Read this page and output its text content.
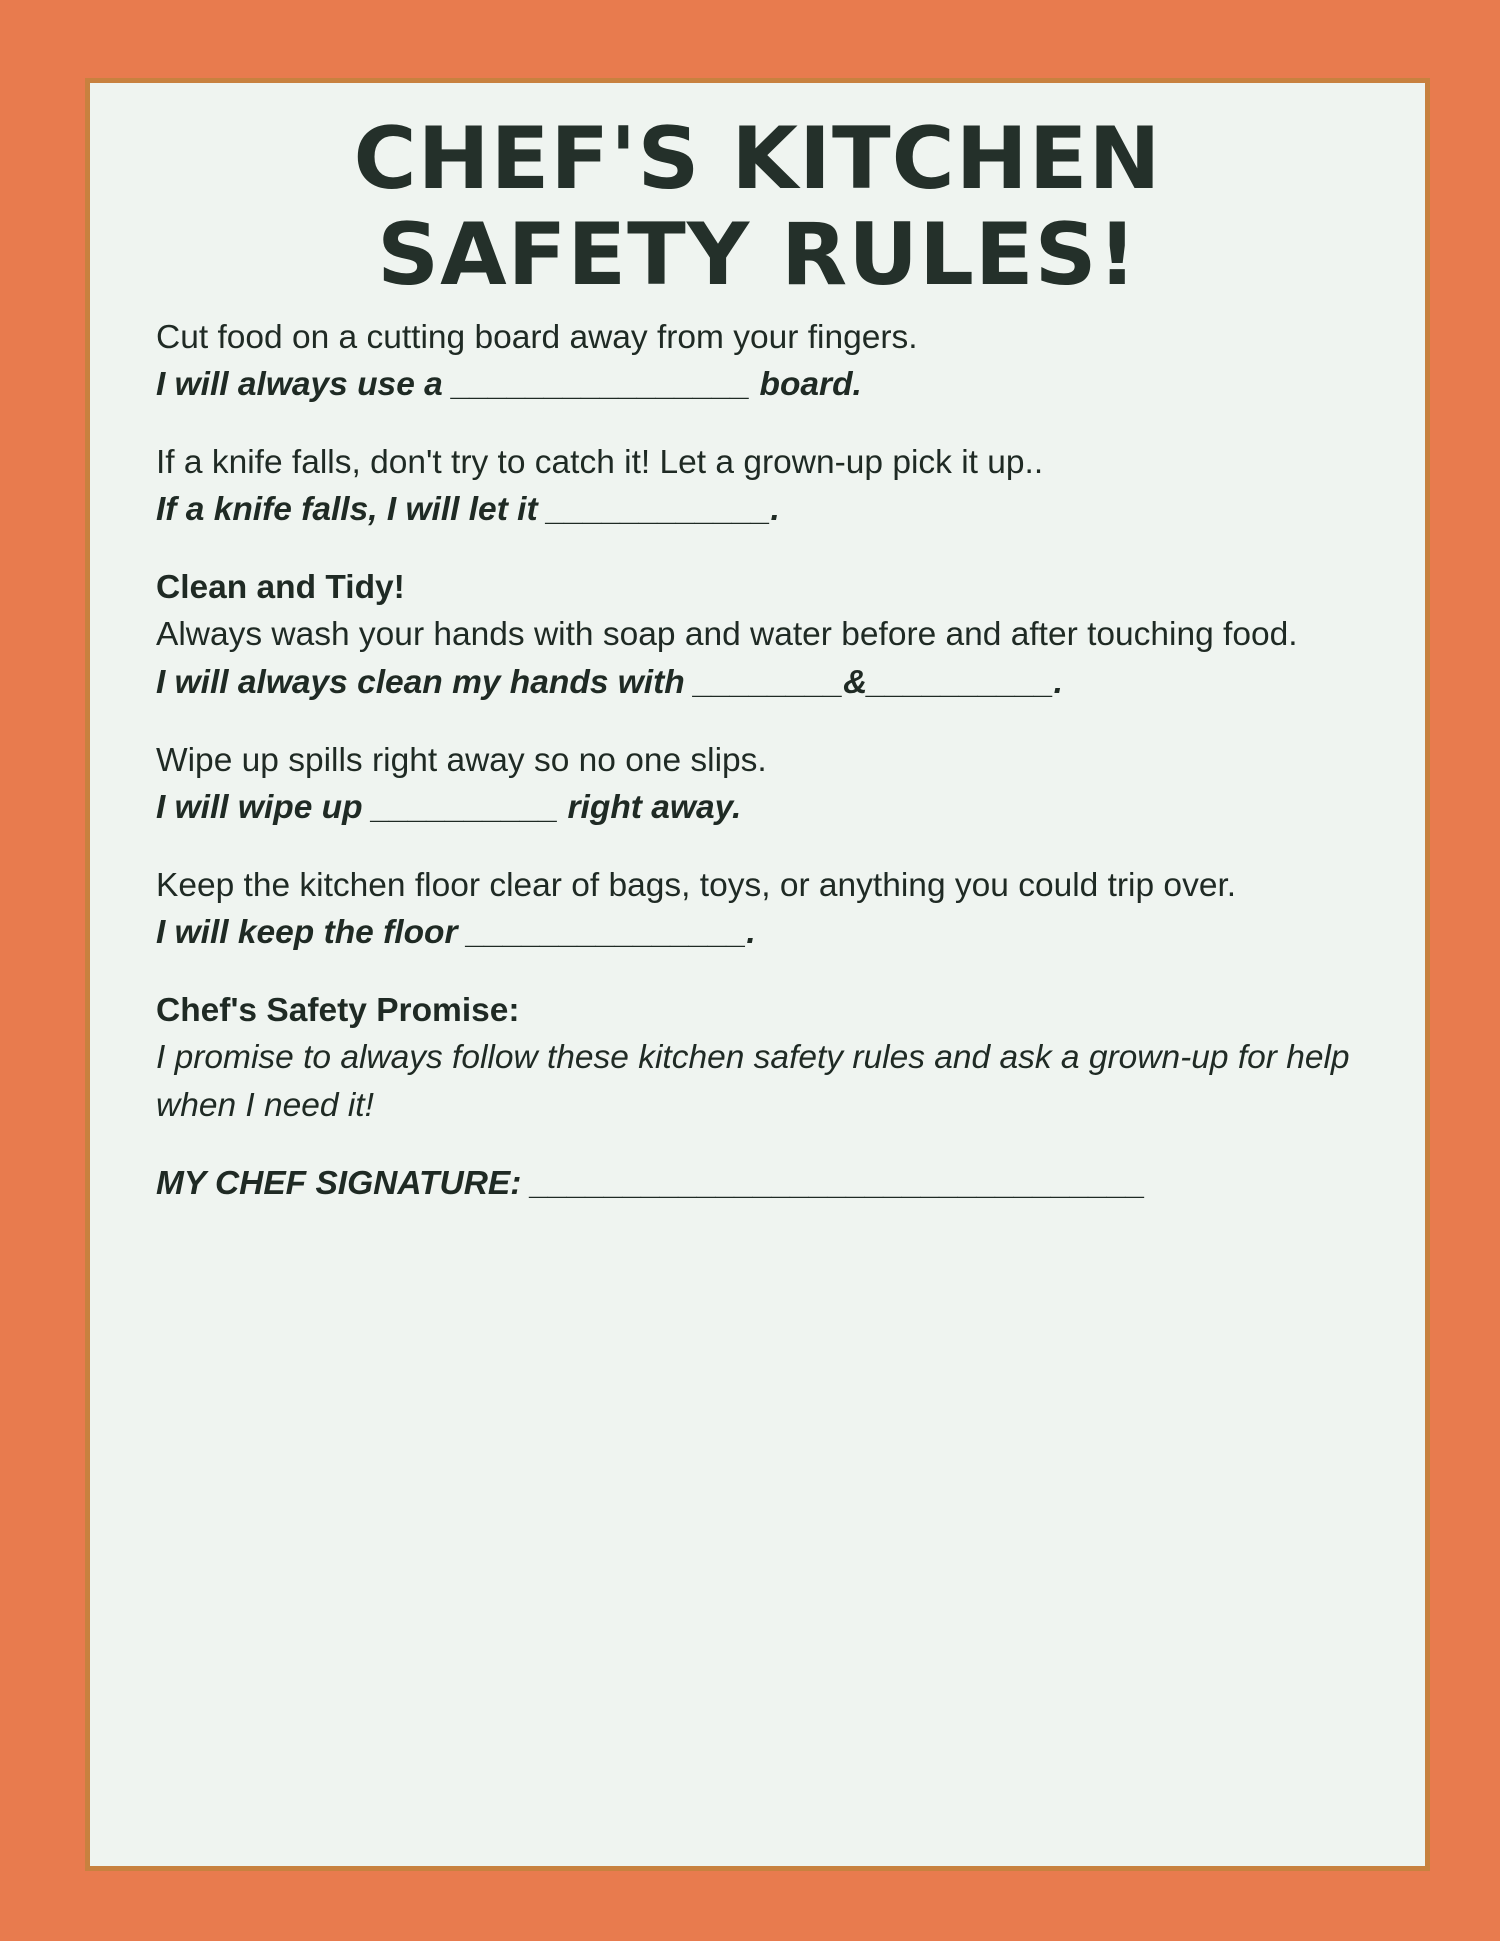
CHEF'S KITCHEN
SAFETY RULES!
Cut food on a cutting board away from your fingers.
I will always use a ________________ board.
If a knife falls, don't try to catch it! Let a grown-up pick it up..
If a knife falls, I will let it ____________.
Clean and Tidy!
Always wash your hands with soap and water before and after touching food.
I will always clean my hands with ________&__________.
Wipe up spills right away so no one slips.
I will wipe up __________ right away.
Keep the kitchen floor clear of bags, toys, or anything you could trip over.
I will keep the floor _______________.
Chef's Safety Promise:
I promise to always follow these kitchen safety rules and ask a grown-up for help when I need it!
MY CHEF SIGNATURE: _________________________________
